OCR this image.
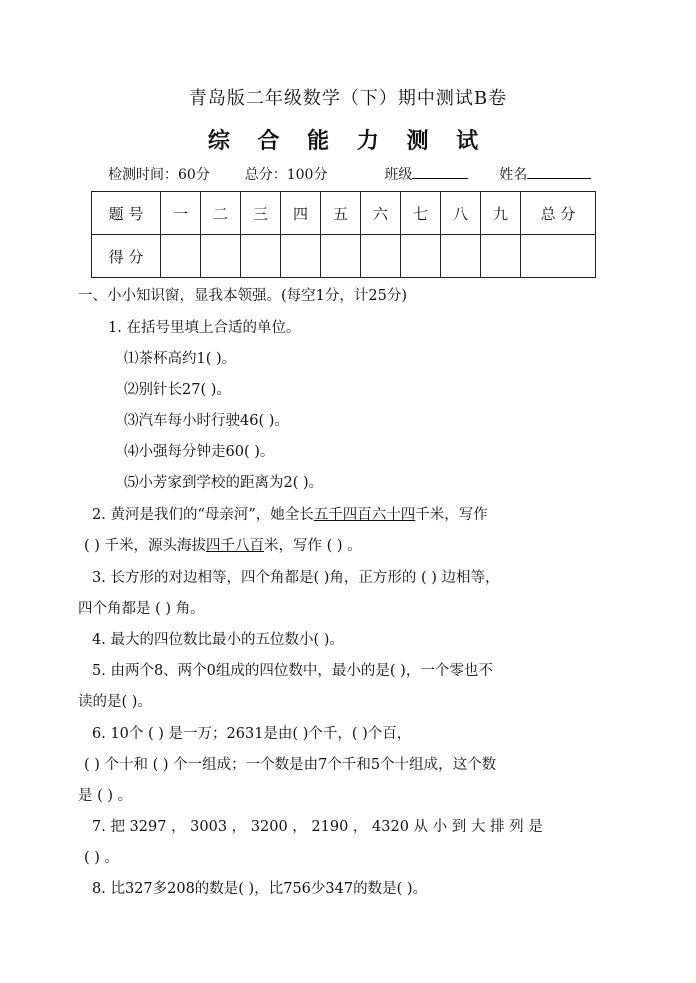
青岛版二年级数学（下）期中测试B卷
综 合 能 力 测 试
检测时间：60分 总分：100分	班级	姓名
题 号	一	二	三	四	五	六	七	八	九	总 分
得 分										
一、小小知识窗，显我本领强。(每空1分，计25分)
1. 在括号里填上合适的单位。
⑴茶杯高约1( )。
⑵别针长27( )。
⑶汽车每小时行驶46( )。
⑷小强每分钟走60( )。
⑸小芳家到学校的距离为2( )。
2. 黄河是我们的“母亲河”，她全长五千四百六十四千米，写作
( ) 千米，源头海拔四千八百米，写作 ( ) 。
3. 长方形的对边相等，四个角都是( )角，正方形的 ( ) 边相等，
四个角都是 ( ) 角。
4. 最大的四位数比最小的五位数小( )。
5. 由两个8、两个0组成的四位数中，最小的是( )，一个零也不
读的是( )。
6. 10个 ( ) 是一万；2631是由( )个千，( )个百，
( ) 个十和 ( ) 个一组成；一个数是由7个千和5个十组成，这个数
是 ( ) 。
7. 把 3297 ， 3003 ， 3200 ， 2190 ， 4320 从 小 到 大 排 列 是
( ) 。
8. 比327多208的数是( )，比756少347的数是( )。
